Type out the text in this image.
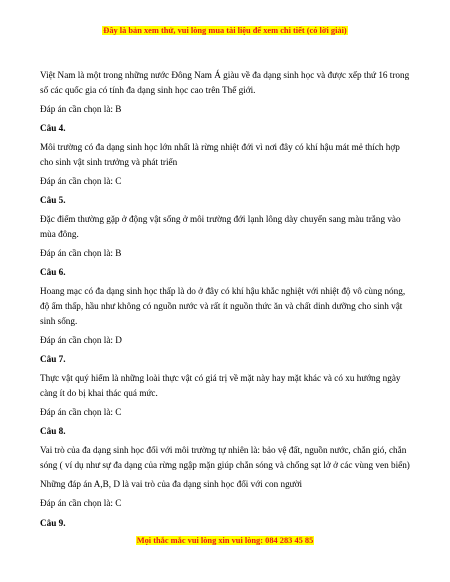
Đây là bản xem thử, vui lòng mua tài liệu để xem chi tiết (có lời giải)

Việt Nam là một trong những nước Đông Nam Á giàu về đa dạng sinh học và được xếp thứ 16 trong số các quốc gia có tính đa dạng sinh học cao trên Thế giới.

Đáp án cần chọn là: B

Câu 4.

Môi trường có đa dạng sinh học lớn nhất là rừng nhiệt đới vì nơi đây có khí hậu mát mẻ thích hợp cho sinh vật sinh trưởng và phát triển

Đáp án cần chọn là: C

Câu 5.

Đặc điểm thường gặp ở động vật sống ở môi trường đới lạnh lông dày chuyển sang màu trắng vào mùa đông.

Đáp án cần chọn là: B

Câu 6.

Hoang mạc có đa dạng sinh học thấp là do ở đây có khí hậu khắc nghiệt với nhiệt độ vô cùng nóng, độ ẩm thấp, hầu như không có nguồn nước và rất ít nguồn thức ăn và chất dinh dưỡng cho sinh vật sinh sống.

Đáp án cần chọn là: D

Câu 7.

Thực vật quý hiếm là những loài thực vật có giá trị về mặt này hay mặt khác và có xu hướng ngày càng ít do bị khai thác quá mức.

Đáp án cần chọn là: C

Câu 8.

Vai trò của đa dạng sinh học đối với môi trường tự nhiên là: bảo vệ đất, nguồn nước, chắn gió, chắn sóng ( ví dụ như sự đa dạng của rừng ngập mặn giúp chắn sóng và chống sạt lở ở các vùng ven biển)

Những đáp án A,B, D là vai trò của đa dạng sinh học đối với con người

Đáp án cần chọn là: C

Câu 9.

Mọi thắc mắc vui lòng xin vui lòng: 084 283 45 85
